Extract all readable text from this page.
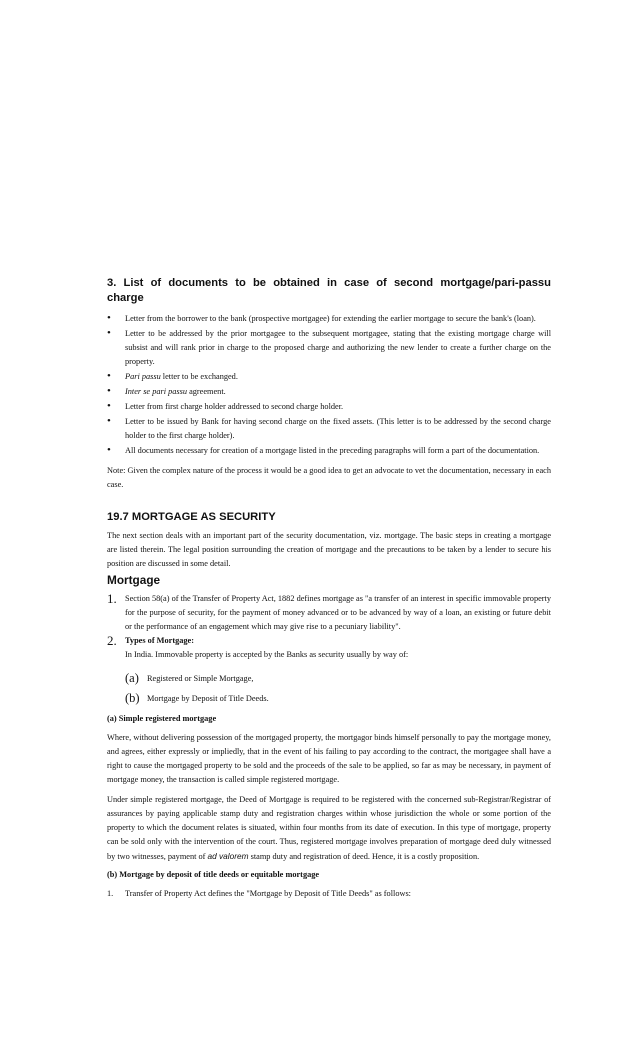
3. List of documents to be obtained in case of second mortgage/pari-passu charge
• Letter from the borrower to the bank (prospective mortgagee) for extending the earlier mortgage to secure the bank's (loan).
• Letter to be addressed by the prior mortgagee to the subsequent mortgagee, stating that the existing mortgage charge will subsist and will rank prior in charge to the proposed charge and authorizing the new lender to create a further charge on the property.
• Pari passu letter to be exchanged.
• Inter se pari passu agreement.
• Letter from first charge holder addressed to second charge holder.
• Letter to be issued by Bank for having second charge on the fixed assets. (This letter is to be addressed by the second charge holder to the first charge holder).
• All documents necessary for creation of a mortgage listed in the preceding paragraphs will form a part of the documentation.

Note: Given the complex nature of the process it would be a good idea to get an advocate to vet the documentation, necessary in each case.

19.7 MORTGAGE AS SECURITY

The next section deals with an important part of the security documentation, viz. mortgage. The basic steps in creating a mortgage are listed therein. The legal position surrounding the creation of mortgage and the precautions to be taken by a lender to secure his position are discussed in some detail.

Mortgage
1. Section 58(a) of the Transfer of Property Act, 1882 defines mortgage as "a transfer of an interest in specific immovable property for the purpose of security, for the payment of money advanced or to be advanced by way of a loan, an existing or future debit or the performance of an engagement which may give rise to a pecuniary liability".
2. Types of Mortgage:
In India. Immovable property is accepted by the Banks as security usually by way of:
(a) Registered or Simple Mortgage,
(b) Mortgage by Deposit of Title Deeds.
(a) Simple registered mortgage

Where, without delivering possession of the mortgaged property, the mortgagor binds himself personally to pay the mortgage money, and agrees, either expressly or impliedly, that in the event of his failing to pay according to the contract, the mortgagee shall have a right to cause the mortgaged property to be sold and the proceeds of the sale to be applied, so far as may be necessary, in payment of mortgage money, the transaction is called simple registered mortgage.

Under simple registered mortgage, the Deed of Mortgage is required to be registered with the concerned sub-Registrar/Registrar of assurances by paying applicable stamp duty and registration charges within whose jurisdiction the whole or some portion of the property to which the document relates is situated, within four months from its date of execution. In this type of mortgage, property can be sold only with the intervention of the court. Thus, registered mortgage involves preparation of mortgage deed duly witnessed by two witnesses, payment of ad valorem stamp duty and registration of deed. Hence, it is a costly proposition.

(b) Mortgage by deposit of title deeds or equitable mortgage
1. Transfer of Property Act defines the "Mortgage by Deposit of Title Deeds" as follows:
